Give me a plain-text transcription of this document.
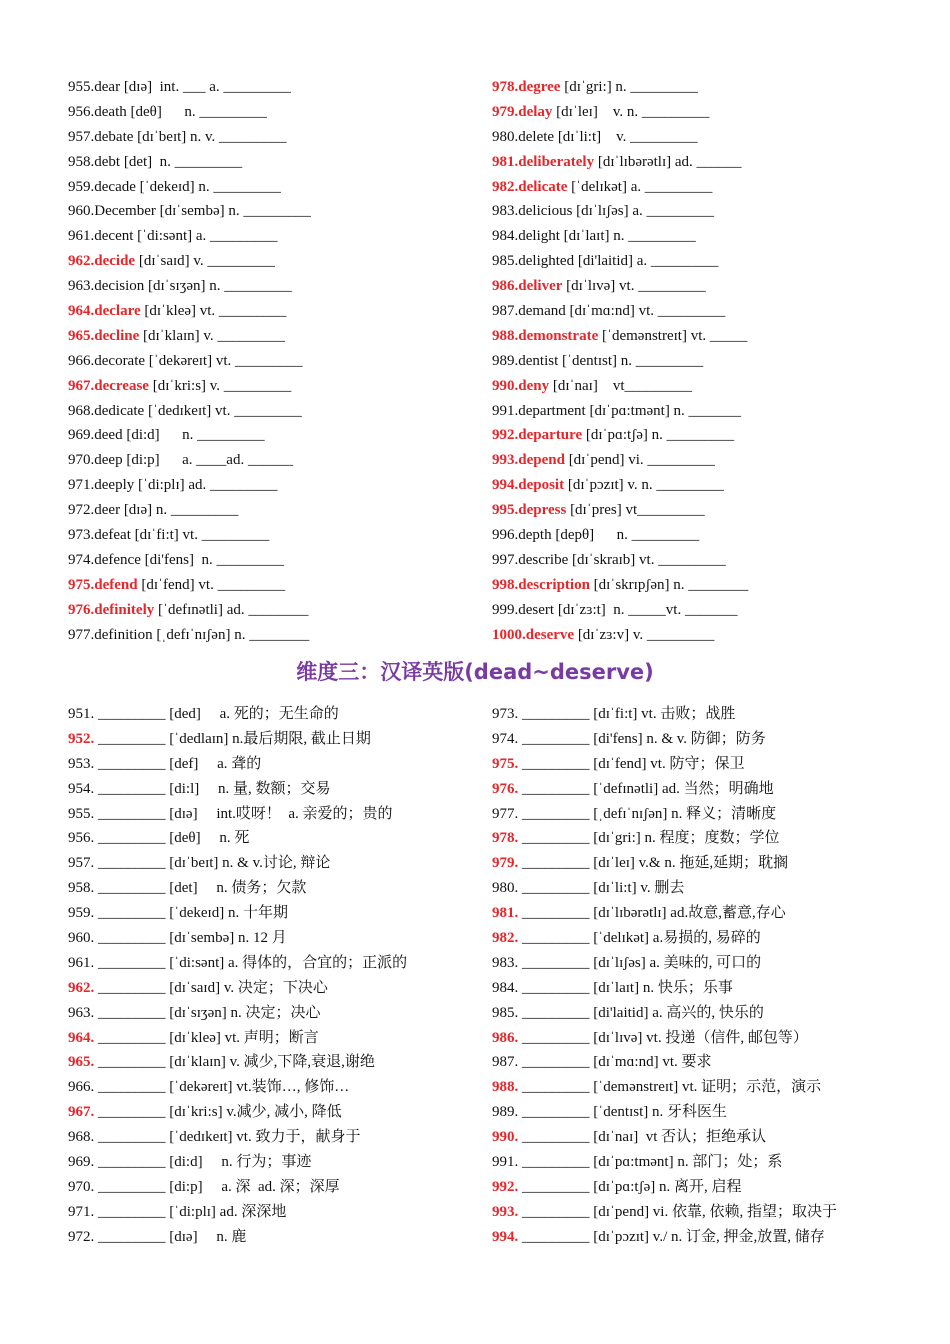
955.dear [dɪə]  int. ___ a. _________
956.death [deθ]      n. _________
957.debate [dɪˈbeɪt] n. v. _________
958.debt [det]  n. _________
959.decade [ˈdekeɪd] n. _________
960.December [dɪˈsembə] n. _________
961.decent [ˈdi:sənt] a. _________
962.decide [dɪˈsaɪd] v. _________
963.decision [dɪˈsɪʒən] n. _________
964.declare [dɪˈkleə] vt. _________
965.decline [dɪˈklaɪn] v. _________
966.decorate [ˈdekəreɪt] vt. _________
967.decrease [dɪˈkri:s] v. _________
968.dedicate [ˈdedɪkeɪt] vt. _________
969.deed [di:d]      n. _________
970.deep [di:p]      a. ____ad. ______
971.deeply [ˈdi:plɪ] ad. _________
972.deer [dɪə] n. _________
973.defeat [dɪˈfi:t] vt. _________
974.defence [di'fens]  n. _________
975.defend [dɪˈfend] vt. _________
976.definitely [ˈdefɪnətli] ad. ________
977.definition [ˌdefɪˈnɪʃən] n. ________
978.degree [dɪˈgri:] n. _________
979.delay [dɪˈleɪ]    v. n. _________
980.delete [dɪˈli:t]    v. _________
981.deliberately [dɪˈlɪbərətlɪ] ad. ______
982.delicate [ˈdelɪkət] a. _________
983.delicious [dɪˈlɪʃəs] a. _________
984.delight [dɪˈlaɪt] n. _________
985.delighted [di'laitid] a. _________
986.deliver [dɪˈlɪvə] vt. _________
987.demand [dɪˈmɑ:nd] vt. _________
988.demonstrate [ˈdemənstreɪt] vt. _____
989.dentist [ˈdentɪst] n. _________
990.deny [dɪˈnaɪ]    vt_________
991.department [dɪˈpɑ:tmənt] n. _______
992.departure [dɪˈpɑ:tʃə] n. _________
993.depend [dɪˈpend] vi. _________
994.deposit [dɪˈpɔzɪt] v. n. _________
995.depress [dɪˈpres] vt_________
996.depth [depθ]      n. _________
997.describe [dɪˈskraɪb] vt. _________
998.description [dɪˈskrɪpʃən] n. ________
999.desert [dɪˈzɜ:t]  n. _____vt. _______
1000.deserve [dɪˈzɜ:v] v. _________
维度三：汉译英版(dead~deserve)
951. _________ [ded]     a. 死的；无生命的
952. _________ [ˈdedlaɪn] n.最后期限, 截止日期
953. _________ [def]     a. 聋的
954. _________ [di:l]     n. 量, 数额；交易
955. _________ [dɪə]     int.哎呀！  a. 亲爱的；贵的
956. _________ [deθ]     n. 死
957. _________ [dɪˈbeɪt] n. & v.讨论, 辩论
958. _________ [det]     n. 债务；欠款
959. _________ [ˈdekeɪd] n. 十年期
960. _________ [dɪˈsembə] n. 12 月
961. _________ [ˈdi:sənt] a. 得体的，合宜的；正派的
962. _________ [dɪˈsaɪd] v. 决定；下决心
963. _________ [dɪˈsɪʒən] n. 决定；决心
964. _________ [dɪˈkleə] vt. 声明；断言
965. _________ [dɪˈklaɪn] v. 减少,下降,衰退,谢绝
966. _________ [ˈdekəreɪt] vt.装饰…, 修饰…
967. _________ [dɪˈkri:s] v.减少, 减小, 降低
968. _________ [ˈdedɪkeɪt] vt. 致力于，献身于
969. _________ [di:d]     n. 行为；事迹
970. _________ [di:p]     a. 深  ad. 深；深厚
971. _________ [ˈdi:plɪ] ad. 深深地
972. _________ [dɪə]     n. 鹿
973. _________ [dɪˈfi:t] vt. 击败；战胜
974. _________ [di'fens] n. & v. 防御；防务
975. _________ [dɪˈfend] vt. 防守；保卫
976. _________ [ˈdefɪnətli] ad. 当然；明确地
977. _________ [ˌdefɪˈnɪʃən] n. 释义；清晰度
978. _________ [dɪˈgri:] n. 程度；度数；学位
979. _________ [dɪˈleɪ] v.& n. 拖延,延期；耽搁
980. _________ [dɪˈli:t] v. 删去
981. _________ [dɪˈlɪbərətlɪ] ad.故意,蓄意,存心
982. _________ [ˈdelɪkət] a.易损的, 易碎的
983. _________ [dɪˈlɪʃəs] a. 美味的, 可口的
984. _________ [dɪˈlaɪt] n. 快乐；乐事
985. _________ [di'laitid] a. 高兴的, 快乐的
986. _________ [dɪˈlɪvə] vt. 投递（信件, 邮包等）
987. _________ [dɪˈmɑ:nd] vt. 要求
988. _________ [ˈdemənstreɪt] vt. 证明；示范，演示
989. _________ [ˈdentɪst] n. 牙科医生
990. _________ [dɪˈnaɪ]  vt 否认；拒绝承认
991. _________ [dɪˈpɑ:tmənt] n. 部门；处；系
992. _________ [dɪˈpɑ:tʃə] n. 离开, 启程
993. _________ [dɪˈpend] vi. 依靠, 依赖, 指望；取决于
994. _________ [dɪˈpɔzɪt] v./ n. 订金, 押金,放置, 储存
